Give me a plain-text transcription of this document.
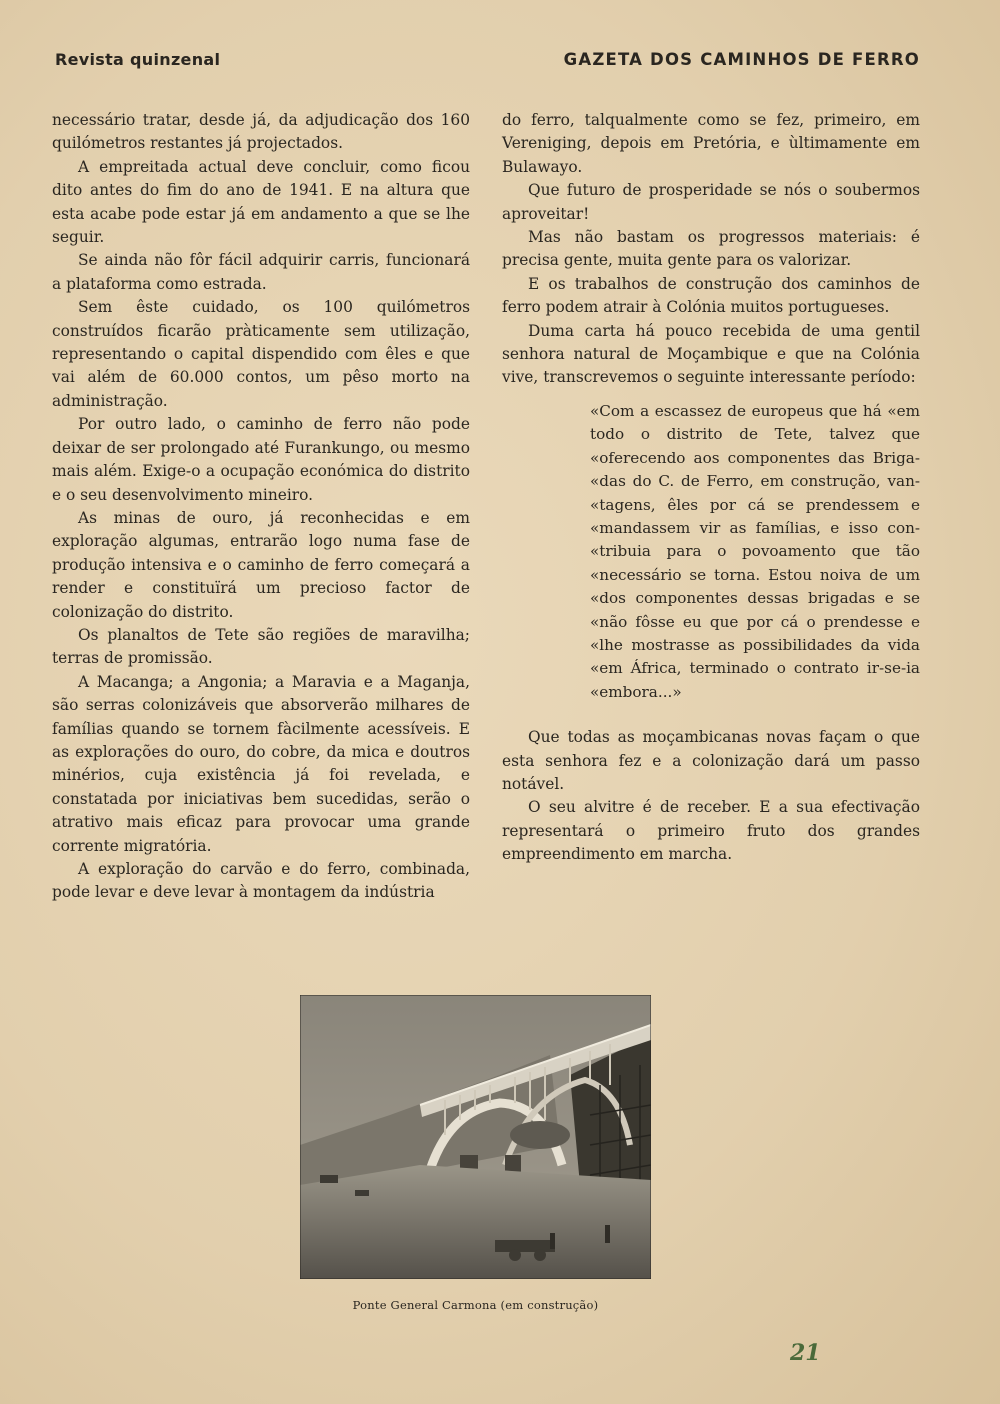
Revista quinzenal	GAZETA DOS CAMINHOS DE FERRO

necessário tratar, desde já, da adjudicação dos 160 quilómetros restantes já projectados.

A empreitada actual deve concluir, como ficou dito antes do fim do ano de 1941. E na altura que esta acabe pode estar já em andamento a que se lhe seguir.

Se ainda não fôr fácil adquirir carris, funcionará a plataforma como estrada.

Sem êste cuidado, os 100 quilómetros construídos ficarão pràticamente sem utilização, representando o capital dispendido com êles e que vai além de 60.000 contos, um pêso morto na administração.

Por outro lado, o caminho de ferro não pode deixar de ser prolongado até Furankungo, ou mesmo mais além. Exige-o a ocupação económica do distrito e o seu desenvolvimento mineiro.

As minas de ouro, já reconhecidas e em exploração algumas, entrarão logo numa fase de produção intensiva e o caminho de ferro começará a render e constituïrá um precioso factor de colonização do distrito.

Os planaltos de Tete são regiões de maravilha; terras de promissão.

A Macanga; a Angonia; a Maravia e a Maganja, são serras colonizáveis que absorverão milhares de famílias quando se tornem fàcilmente acessíveis. E as explorações do ouro, do cobre, da mica e doutros minérios, cuja existência já foi revelada, e constatada por iniciativas bem sucedidas, serão o atrativo mais eficaz para provocar uma grande corrente migratória.

A exploração do carvão e do ferro, combinada, pode levar e deve levar à montagem da indústria

do ferro, talqualmente como se fez, primeiro, em Vereniging, depois em Pretória, e ùltimamente em Bulawayo.

Que futuro de prosperidade se nós o soubermos aproveitar!

Mas não bastam os progressos materiais: é precisa gente, muita gente para os valorizar.

E os trabalhos de construção dos caminhos de ferro podem atrair à Colónia muitos portugueses.

Duma carta há pouco recebida de uma gentil senhora natural de Moçambique e que na Colónia vive, transcrevemos o seguinte interessante período:

«Com a escassez de europeus que há «em todo o distrito de Tete, talvez que «oferecendo aos componentes das Briga- «das do C. de Ferro, em construção, van- «tagens, êles por cá se prendessem e «mandassem vir as famílias, e isso con- «tribuia para o povoamento que tão «necessário se torna. Estou noiva de um «dos componentes dessas brigadas e se «não fôsse eu que por cá o prendesse e «lhe mostrasse as possibilidades da vida «em África, terminado o contrato ir-se-ia «embora...»

Que todas as moçambicanas novas façam o que esta senhora fez e a colonização dará um passo notável.

O seu alvitre é de receber. E a sua efectivação representará o primeiro fruto dos grandes empreendimento em marcha.

Ponte General Carmona (em construção)
21
